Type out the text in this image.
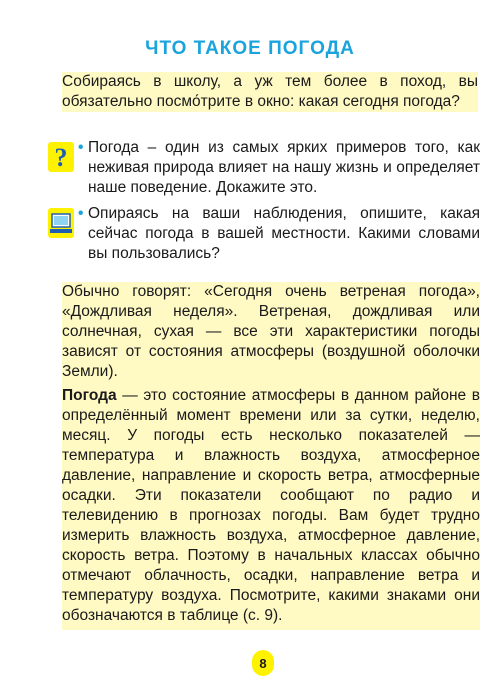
ЧТО ТАКОЕ ПОГОДА
Собираясь в школу, а уж тем более в поход, вы обязательно посмо́трите в окно: какая сегодня погода?
? • Погода – один из самых ярких примеров того, как неживая природа влияет на нашу жизнь и определяет наше поведение. Докажите это.
• Опираясь на ваши наблюдения, опишите, какая сейчас погода в вашей местности. Какими словами вы пользовались?

Обычно говорят: «Сегодня очень ветреная погода», «Дождливая неделя». Ветреная, дождливая или солнечная, сухая — все эти характеристики погоды зависят от состояния атмосферы (воздушной оболочки Земли).

Погода — это состояние атмосферы в данном районе в определённый момент времени или за сутки, неделю, месяц. У погоды есть несколько показателей — температура и влажность воздуха, атмосферное давление, направление и скорость ветра, атмосферные осадки. Эти показатели сообщают по радио и телевидению в прогнозах погоды. Вам будет трудно измерить влажность воздуха, атмосферное давление, скорость ветра. Поэтому в начальных классах обычно отмечают облачность, осадки, направление ветра и температуру воздуха. Посмотрите, какими знаками они обозначаются в таблице (с. 9).

8
